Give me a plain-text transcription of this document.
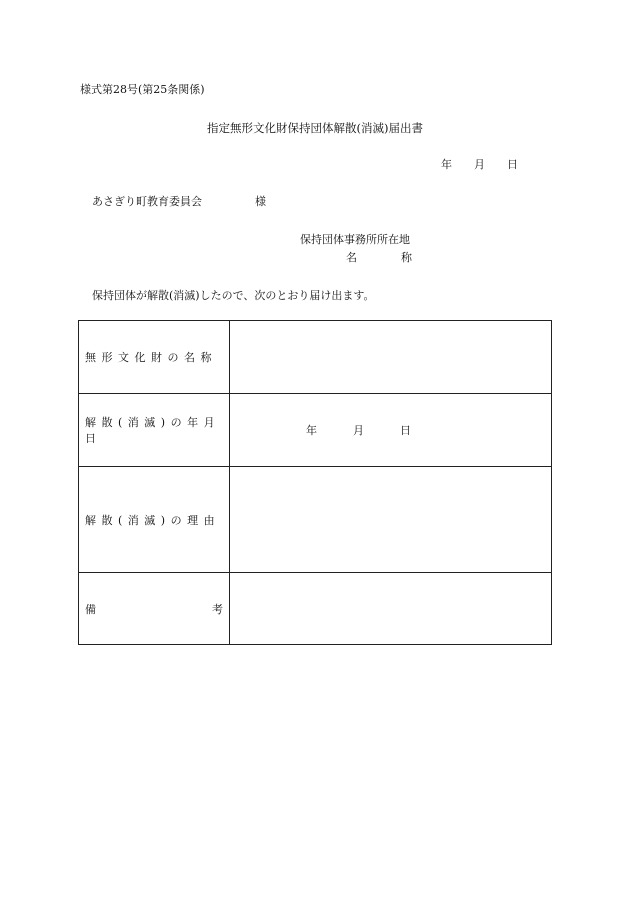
様式第28号(第25条関係)
指定無形文化財保持団体解散(消滅)届出書
年 月 日
あさぎり町教育委員会	様
保持団体事務所所在地
名	称
保持団体が解散(消滅)したので、次のとおり届け出ます。
無形文化財の名称	
解散(消滅)の年月日	年 月 日

解散(消滅)の理由	

備 考	
